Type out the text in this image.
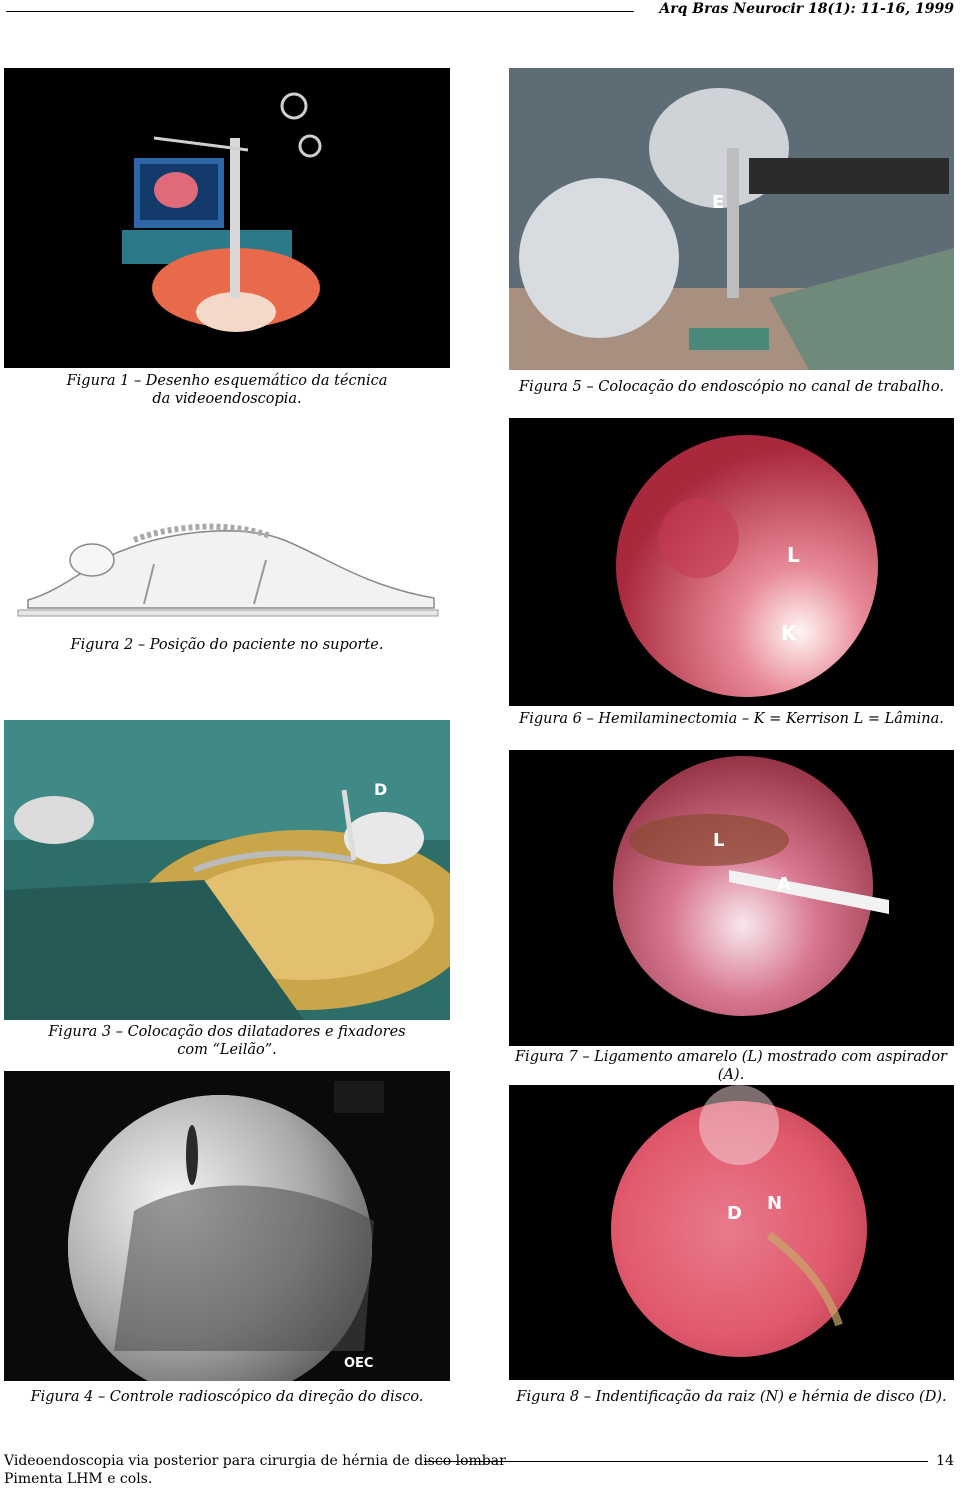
Arq Bras Neurocir 18(1): 11-16, 1999
Figura 1 – Desenho esquemático da técnica
da videoendoscopia.
Figura 2 – Posição do paciente no suporte.
D
Figura 3 – Colocação dos dilatadores e fixadores
com “Leilão”.
OEC
Figura 4 – Controle radioscópico da direção do disco.
E
Figura 5 – Colocação do endoscópio no canal de trabalho.
L
K
Figura 6 – Hemilaminectomia – K = Kerrison L = Lâmina.
L
A
Figura 7 – Ligamento amarelo (L) mostrado com aspirador (A).
D N
Figura 8 – Indentificação da raiz (N) e hérnia de disco (D).
Videoendoscopia via posterior para cirurgia de hérnia de disco lombar	14
Pimenta LHM e cols.
